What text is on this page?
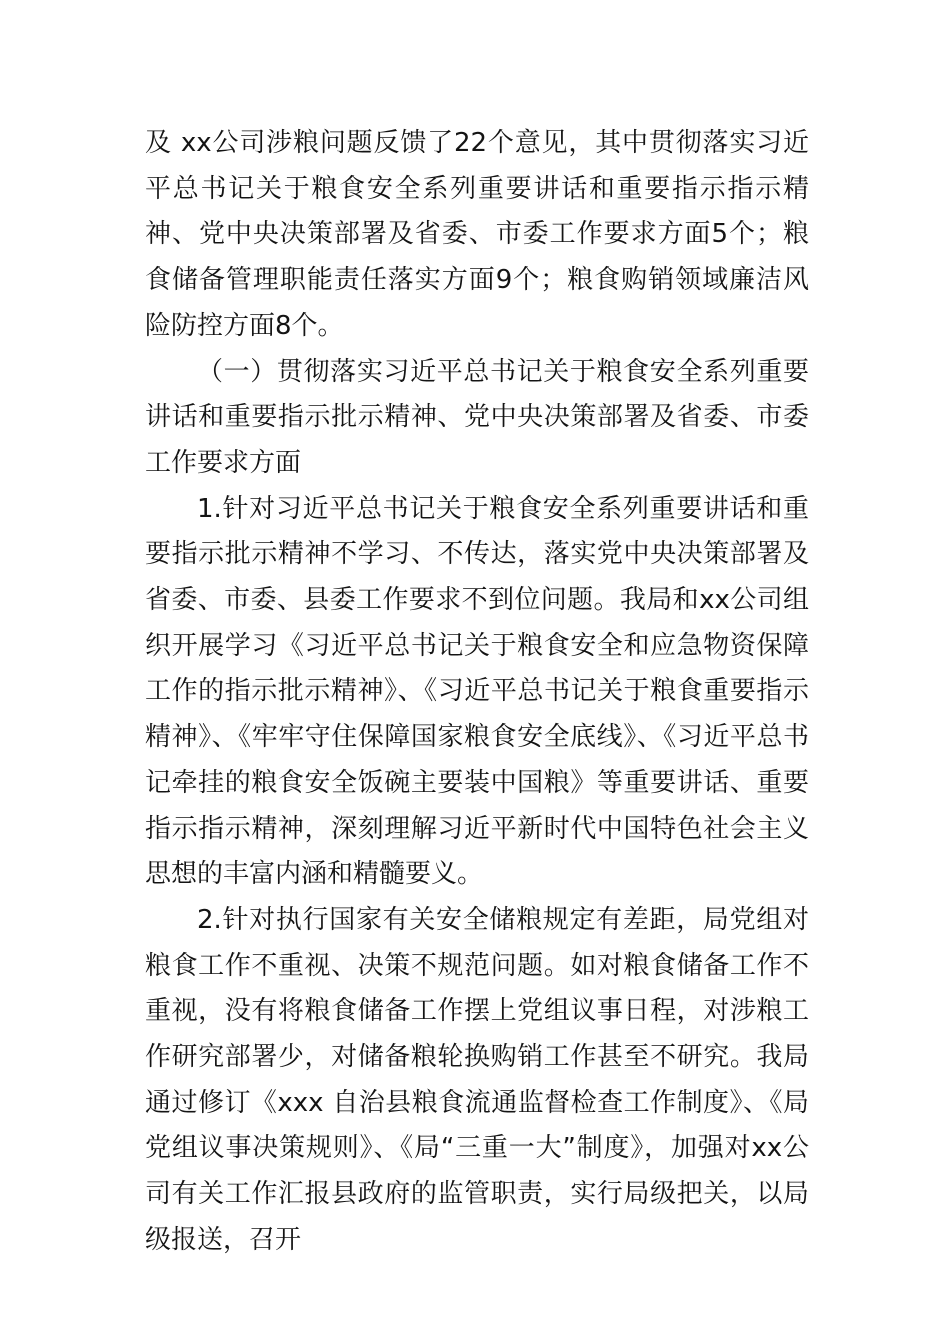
及 xx公司涉粮问题反馈了22个意见，其中贯彻落实习近平总书记关于粮食安全系列重要讲话和重要指示指示精神、党中央决策部署及省委、市委工作要求方面5个；粮食储备管理职能责任落实方面9个；粮食购销领域廉洁风险防控方面8个。

（一）贯彻落实习近平总书记关于粮食安全系列重要讲话和重要指示批示精神、党中央决策部署及省委、市委工作要求方面

1.针对习近平总书记关于粮食安全系列重要讲话和重要指示批示精神不学习、不传达，落实党中央决策部署及省委、市委、县委工作要求不到位问题。我局和xx公司组织开展学习《习近平总书记关于粮食安全和应急物资保障工作的指示批示精神》、《习近平总书记关于粮食重要指示精神》、《牢牢守住保障国家粮食安全底线》、《习近平总书记牵挂的粮食安全饭碗主要装中国粮》等重要讲话、重要指示指示精神，深刻理解习近平新时代中国特色社会主义思想的丰富内涵和精髓要义。

2.针对执行国家有关安全储粮规定有差距，局党组对粮食工作不重视、决策不规范问题。如对粮食储备工作不重视，没有将粮食储备工作摆上党组议事日程，对涉粮工作研究部署少，对储备粮轮换购销工作甚至不研究。我局通过修订《xxx 自治县粮食流通监督检查工作制度》、《局党组议事决策规则》、《局“三重一大”制度》，加强对xx公司有关工作汇报县政府的监管职责，实行局级把关，以局级报送，召开
